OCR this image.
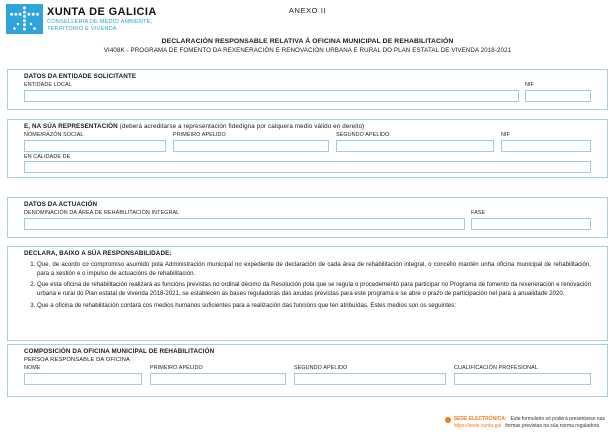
XUNTA DE GALICIA
CONSELLERÍA DE MEDIO AMBIENTE,
TERRITORIO E VIVENDA
ANEXO II
DECLARACIÓN RESPONSABLE RELATIVA Á OFICINA MUNICIPAL DE REHABILITACIÓN
VI408K - PROGRAMA DE FOMENTO DA REXENERACIÓN E RENOVACIÓN URBANA E RURAL DO PLAN ESTATAL DE VIVENDA 2018-2021
DATOS DA ENTIDADE SOLICITANTE
ENTIDADE LOCAL	NIF
E, NA SÚA REPRESENTACIÓN (deberá acreditarse a representación fidedigna por calquera medio válido en dereito)
NOME/RAZÓN SOCIAL	PRIMEIRO APELIDO	SEGUNDO APELIDO	NIF
EN CALIDADE DE
DATOS DA ACTUACIÓN
DENOMINACIÓN DA ÁREA DE REHABILITACIÓN INTEGRAL	FASE
DECLARA, BAIXO A SÚA RESPONSABILIDADE:
1. Que, de acordo co compromiso asumido pola Administración municipal no expediente de declaración de cada área de rehabilitación integral, o concello mantén unha oficina municipal de rehabilitación, para a xestión e o impulso de actuacións de rehabilitación.
2. Que esta oficina de rehabilitación realizará as funcións previstas no ordinal décimo da Resolución pola que se regula o procedemento para participar no Programa de fomento da rexeneración e renovación urbana e rural do Plan estatal de vivenda 2018-2021, se establecen as bases reguladoras das axudas previstas para este programa e se abre o prazo de participación nel para a anualidade 2020.
3. Que a oficina de rehabilitación contará cos medios humanos suficientes para a realización das funcións que ten atribuídas. Estes medios son os seguintes:
COMPOSICIÓN DA OFICINA MUNICIPAL DE REHABILITACIÓN
PERSOA RESPONSABLE DA OFICINA
NOME	PRIMEIRO APELIDO	SEGUNDO APELIDO	CUALIFICACIÓN PROFESIONAL
SEDE ELECTRÓNICA: Este formulario só poderá presentarse nas
https://sede.xunta.gal formas previstas na súa norma reguladora
